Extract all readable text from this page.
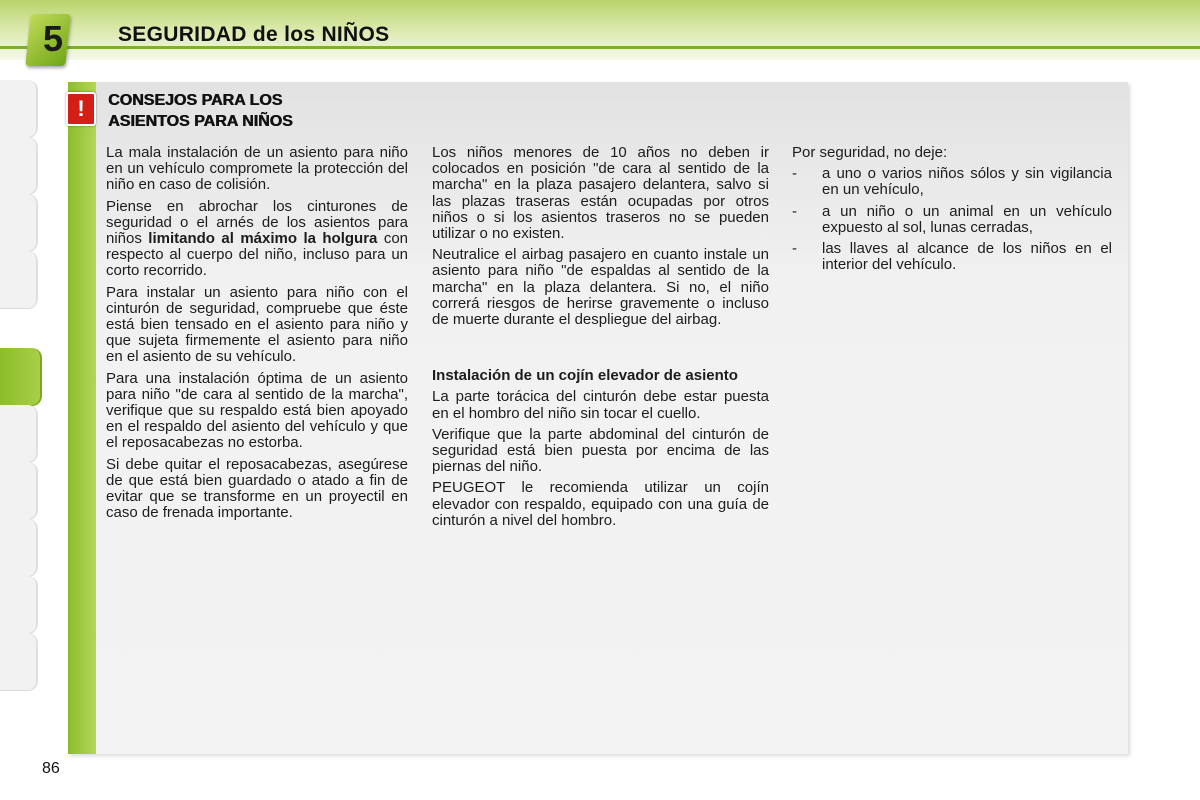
5	SEGURIDAD de los NIÑOS
!	CONSEJOS PARA LOS
ASIENTOS PARA NIÑOS

La mala instalación de un asiento para niño en un vehículo compromete la protección del niño en caso de colisión.

Piense en abrochar los cinturones de seguridad o el arnés de los asientos para niños limitando al máximo la holgura con respecto al cuerpo del niño, incluso para un corto recorrido.

Para instalar un asiento para niño con el cinturón de seguridad, compruebe que éste está bien tensado en el asiento para niño y que sujeta firmemente el asiento para niño en el asiento de su vehículo.

Para una instalación óptima de un asiento para niño "de cara al sentido de la marcha", verifique que su respaldo está bien apoyado en el respaldo del asiento del vehículo y que el reposacabezas no estorba.

Si debe quitar el reposacabezas, asegúrese de que está bien guardado o atado a fin de evitar que se transforme en un proyectil en caso de frenada importante.

Los niños menores de 10 años no deben ir colocados en posición "de cara al sentido de la marcha" en la plaza pasajero delantera, salvo si las plazas traseras están ocupadas por otros niños o si los asientos traseros no se pueden utilizar o no existen.

Neutralice el airbag pasajero en cuanto instale un asiento para niño "de espaldas al sentido de la marcha" en la plaza delantera. Si no, el niño correrá riesgos de herirse gravemente o incluso de muerte durante el despliegue del airbag.

Instalación de un cojín elevador de asiento

La parte torácica del cinturón debe estar puesta en el hombro del niño sin tocar el cuello.

Verifique que la parte abdominal del cinturón de seguridad está bien puesta por encima de las piernas del niño.

PEUGEOT le recomienda utilizar un cojín elevador con respaldo, equipado con una guía de cinturón a nivel del hombro.

Por seguridad, no deje:

-	a uno o varios niños sólos y sin vigilancia en un vehículo,
-	a un niño o un animal en un vehículo expuesto al sol, lunas cerradas,
-	las llaves al alcance de los niños en el interior del vehículo.
86
